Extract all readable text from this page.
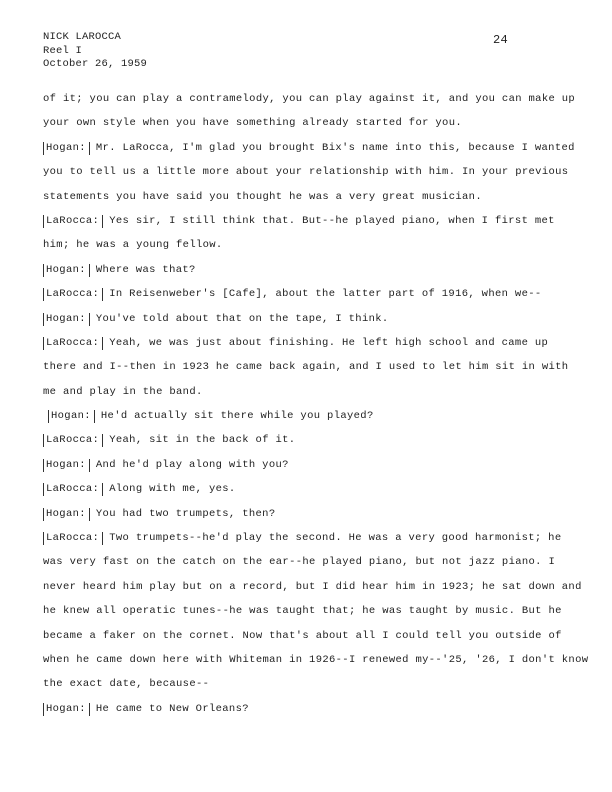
NICK LAROCCA
Reel I
October 26, 1959
24
of it; you can play a contramelody, you can play against it, and you can make up
your own style when you have something already started for you.
Hogan: Mr. LaRocca, I'm glad you brought Bix's name into this, because I wanted
you to tell us a little more about your relationship with him. In your previous
statements you have said you thought he was a very great musician.
LaRocca: Yes sir, I still think that. But--he played piano, when I first met
him; he was a young fellow.
Hogan: Where was that?
LaRocca: In Reisenweber's [Cafe], about the latter part of 1916, when we--
Hogan: You've told about that on the tape, I think.
LaRocca: Yeah, we was just about finishing. He left high school and came up
there and I--then in 1923 he came back again, and I used to let him sit in with
me and play in the band.
Hogan: He'd actually sit there while you played?
LaRocca: Yeah, sit in the back of it.
Hogan: And he'd play along with you?
LaRocca: Along with me, yes.
Hogan: You had two trumpets, then?
LaRocca: Two trumpets--he'd play the second. He was a very good harmonist; he
was very fast on the catch on the ear--he played piano, but not jazz piano. I
never heard him play but on a record, but I did hear him in 1923; he sat down and
he knew all operatic tunes--he was taught that; he was taught by music. But he
became a faker on the cornet. Now that's about all I could tell you outside of
when he came down here with Whiteman in 1926--I renewed my--'25, '26, I don't know
the exact date, because--
Hogan: He came to New Orleans?
